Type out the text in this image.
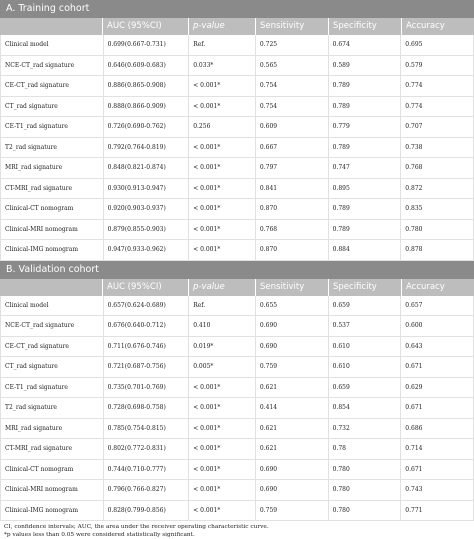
A. Training cohort
AUC (95%CI)	p-value	Sensitivity	Specificity	Accuracy
Clinical model	0.699(0.667-0.731)	Ref.	0.725	0.674	0.695
NCE-CT_rad signature	0.646(0.609-0.683)	0.033*	0.565	0.589	0.579
CE-CT_rad signature	0.886(0.865-0.908)	< 0.001*	0.754	0.789	0.774
CT_rad signature	0.888(0.866-0.909)	< 0.001*	0.754	0.789	0.774
CE-T1_rad signature	0.726(0.690-0.762)	0.256	0.609	0.779	0.707
T2_rad signature	0.792(0.764-0.819)	< 0.001*	0.667	0.789	0.738
MRI_rad signature	0.848(0.821-0.874)	< 0.001*	0.797	0.747	0.768
CT-MRI_rad signature	0.930(0.913-0.947)	< 0.001*	0.841	0.895	0.872
Clinical-CT nomogram	0.920(0.903-0.937)	< 0.001*	0.870	0.789	0.835
Clinical-MRI nomogram	0.879(0.855-0.903)	< 0.001*	0.768	0.789	0.780
Clinical-IMG nomogram	0.947(0.933-0.962)	< 0.001*	0.870	0.884	0.878
B. Validation cohort
AUC (95%CI)	p-value	Sensitivity	Specificity	Accuracy
Clinical model	0.657(0.624-0.689)	Ref.	0.655	0.659	0.657
NCE-CT_rad signature	0.676(0.640-0.712)	0.410	0.690	0.537	0.600
CE-CT_rad signature	0.711(0.676-0.746)	0.019*	0.690	0.610	0.643
CT_rad signature	0.721(0.687-0.756)	0.005*	0.759	0.610	0.671
CE-T1_rad signature	0.735(0.701-0.769)	< 0.001*	0.621	0.659	0.629
T2_rad signature	0.728(0.698-0.758)	< 0.001*	0.414	0.854	0.671
MRI_rad signature	0.785(0.754-0.815)	< 0.001*	0.621	0.732	0.686
CT-MRI_rad signature	0.802(0.772-0.831)	< 0.001*	0.621	0.78	0.714
Clinical-CT nomogram	0.744(0.710-0.777)	< 0.001*	0.690	0.780	0.671
Clinical-MRI nomogram	0.796(0.766-0.827)	< 0.001*	0.690	0.780	0.743
Clinical-IMG nomogram	0.828(0.799-0.856)	< 0.001*	0.759	0.780	0.771
CI, confidence intervals; AUC, the area under the receiver operating characteristic curve.
*p values less than 0.05 were considered statistically significant.
